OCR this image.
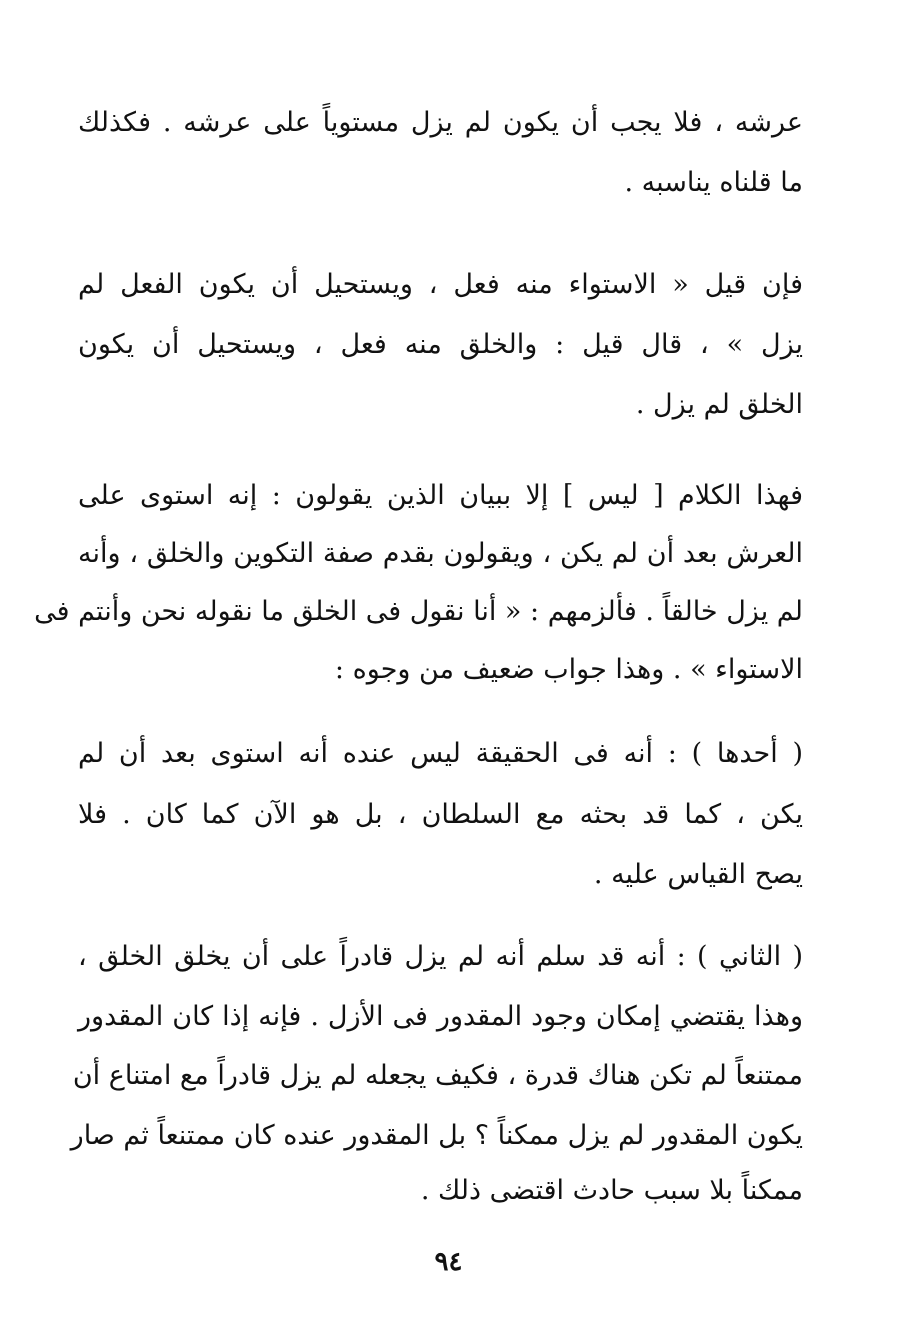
عرشه ، فلا يجب أن يكون لم يزل مستوياً على عرشه . فكذلك
ما قلناه يناسبه .
فإن قيل « الاستواء منه فعل ، ويستحيل أن يكون الفعل لم
يزل » ، قال قيل : والخلق منه فعل ، ويستحيل أن يكون
الخلق لم يزل .
فهذا الكلام [ ليس ] إلا ببيان الذين يقولون : إنه استوى على
العرش بعد أن لم يكن ، ويقولون بقدم صفة التكوين والخلق ، وأنه
لم يزل خالقاً . فألزمهم : « أنا نقول فى الخلق ما نقوله نحن وأنتم فى
الاستواء » . وهذا جواب ضعيف من وجوه :
( أحدها ) : أنه فى الحقيقة ليس عنده أنه استوى بعد أن لم
يكن ، كما قد بحثه مع السلطان ، بل هو الآن كما كان . فلا
يصح القياس عليه .
( الثاني ) : أنه قد سلم أنه لم يزل قادراً على أن يخلق الخلق ،
وهذا يقتضي إمكان وجود المقدور فى الأزل . فإنه إذا كان المقدور
ممتنعاً لم تكن هناك قدرة ، فكيف يجعله لم يزل قادراً مع امتناع أن
يكون المقدور لم يزل ممكناً ؟ بل المقدور عنده كان ممتنعاً ثم صار
ممكناً بلا سبب حادث اقتضى ذلك .
٩٤
